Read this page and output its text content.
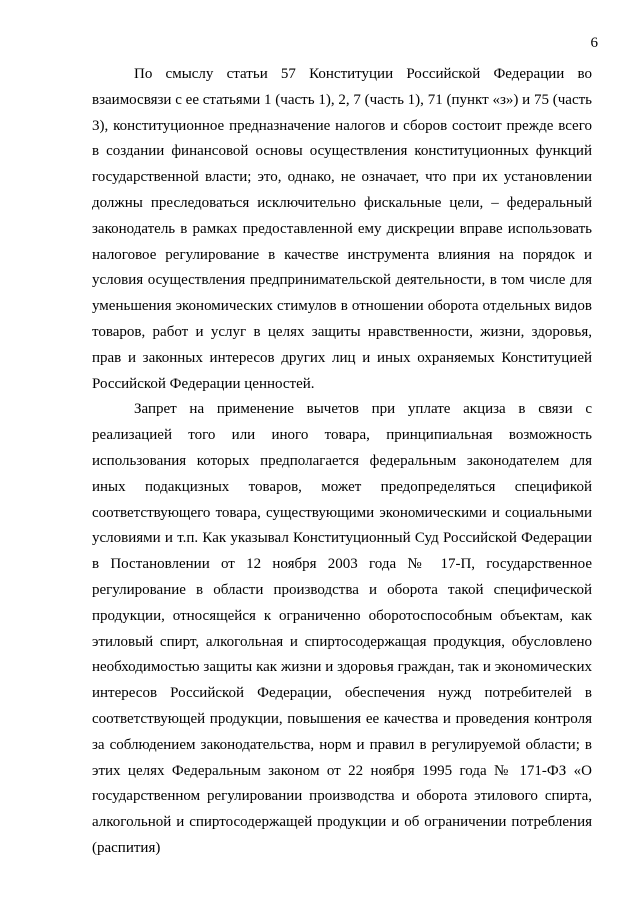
6

По смыслу статьи 57 Конституции Российской Федерации во взаимосвязи с ее статьями 1 (часть 1), 2, 7 (часть 1), 71 (пункт «з») и 75 (часть 3), конституционное предназначение налогов и сборов состоит прежде всего в создании финансовой основы осуществления конституционных функций государственной власти; это, однако, не означает, что при их установлении должны преследоваться исключительно фискальные цели, – федеральный законодатель в рамках предоставленной ему дискреции вправе использовать налоговое регулирование в качестве инструмента влияния на порядок и условия осуществления предпринимательской деятельности, в том числе для уменьшения экономических стимулов в отношении оборота отдельных видов товаров, работ и услуг в целях защиты нравственности, жизни, здоровья, прав и законных интересов других лиц и иных охраняемых Конституцией Российской Федерации ценностей.

Запрет на применение вычетов при уплате акциза в связи с реализацией того или иного товара, принципиальная возможность использования которых предполагается федеральным законодателем для иных подакцизных товаров, может предопределяться спецификой соответствующего товара, существующими экономическими и социальными условиями и т.п. Как указывал Конституционный Суд Российской Федерации в Постановлении от 12 ноября 2003 года № 17-П, государственное регулирование в области производства и оборота такой специфической продукции, относящейся к ограниченно оборотоспособным объектам, как этиловый спирт, алкогольная и спиртосодержащая продукция, обусловлено необходимостью защиты как жизни и здоровья граждан, так и экономических интересов Российской Федерации, обеспечения нужд потребителей в соответствующей продукции, повышения ее качества и проведения контроля за соблюдением законодательства, норм и правил в регулируемой области; в этих целях Федеральным законом от 22 ноября 1995 года № 171-ФЗ «О государственном регулировании производства и оборота этилового спирта, алкогольной и спиртосодержащей продукции и об ограничении потребления (распития)
